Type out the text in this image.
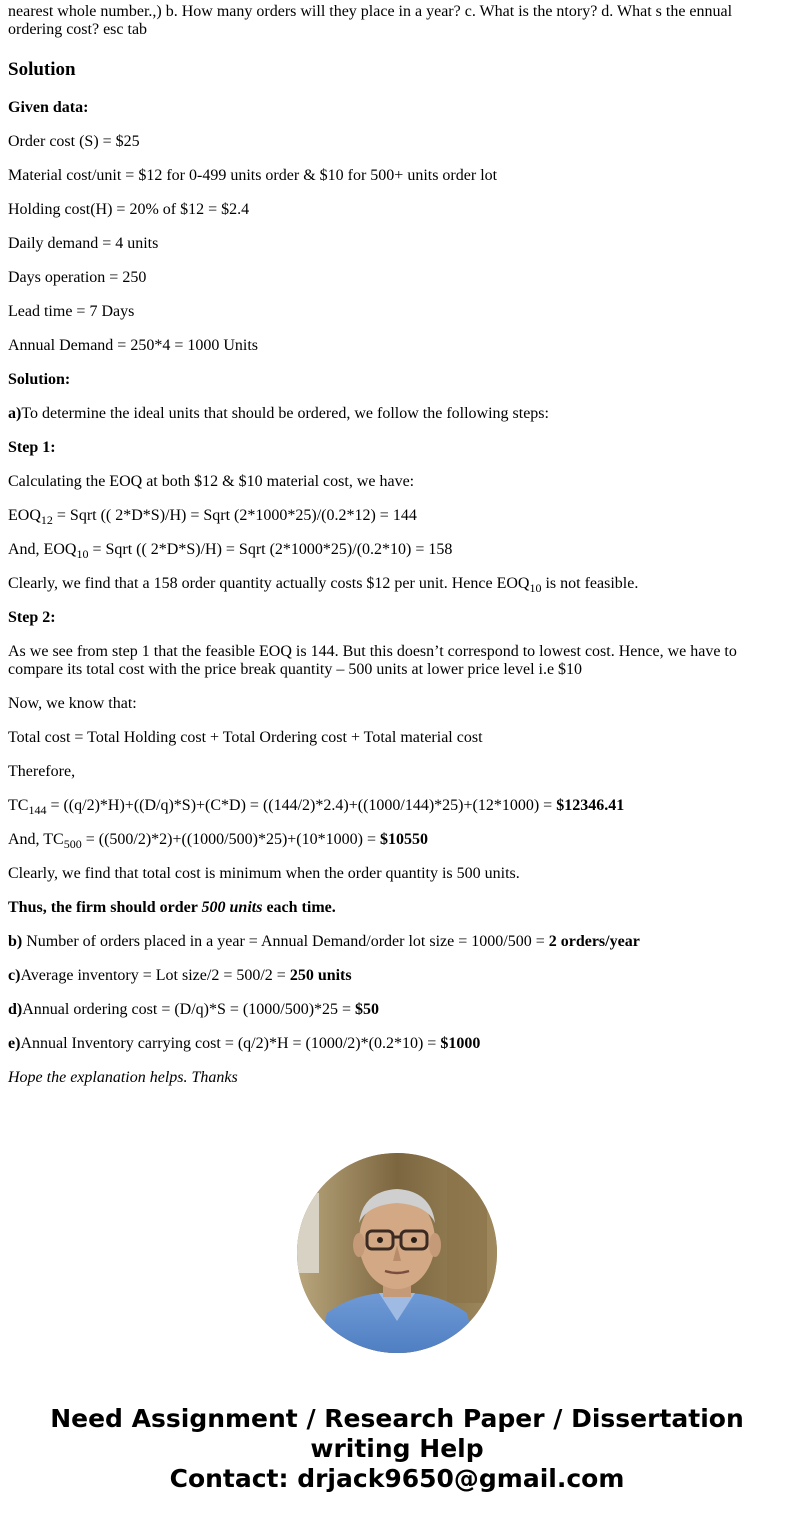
nearest whole number.,) b. How many orders will they place in a year? c. What is the ntory? d. What s the ennual ordering cost? esc tab
Solution

Given data:

Order cost (S) = $25

Material cost/unit = $12 for 0-499 units order & $10 for 500+ units order lot

Holding cost(H) = 20% of $12 = $2.4

Daily demand = 4 units

Days operation = 250

Lead time = 7 Days

Annual Demand = 250*4 = 1000 Units

Solution:

a)To determine the ideal units that should be ordered, we follow the following steps:

Step 1:

Calculating the EOQ at both $12 & $10 material cost, we have:

$EOQ_{12}$ = Sqrt (( 2*D*S)/H) = Sqrt (2*1000*25)/(0.2*12) = 144

And, $EOQ_{10}$ = Sqrt (( 2*D*S)/H) = Sqrt (2*1000*25)/(0.2*10) = 158

Clearly, we find that a 158 order quantity actually costs $12 per unit. Hence $EOQ_{10}$ is not feasible.

Step 2:

As we see from step 1 that the feasible EOQ is 144. But this doesn’t correspond to lowest cost. Hence, we have to compare its total cost with the price break quantity – 500 units at lower price level i.e $10

Now, we know that:

Total cost = Total Holding cost + Total Ordering cost + Total material cost

Therefore,

$TC_{144} = ((q/2)*H)+((D/q)*S)+(C*D) = ((144/2)*2.4)+((1000/144)*25)+(12*1000)$ = $12346.41

And, $TC_{500} = ((500/2)*2)+((1000/500)*25)+(10*1000)$ = $10550

Clearly, we find that total cost is minimum when the order quantity is 500 units.

Thus, the firm should order 500 units each time.

b) Number of orders placed in a year = Annual Demand/order lot size = 1000/500 = 2 orders/year

c)Average inventory = Lot size/2 = 500/2 = 250 units

d)Annual ordering cost = (D/q)*S = (1000/500)*25 = $50

e)Annual Inventory carrying cost = (q/2)*H = (1000/2)*(0.2*10) = $1000

Hope the explanation helps. Thanks

Need Assignment / Research Paper / Dissertation
writing Help
Contact: drjack9650@gmail.com
